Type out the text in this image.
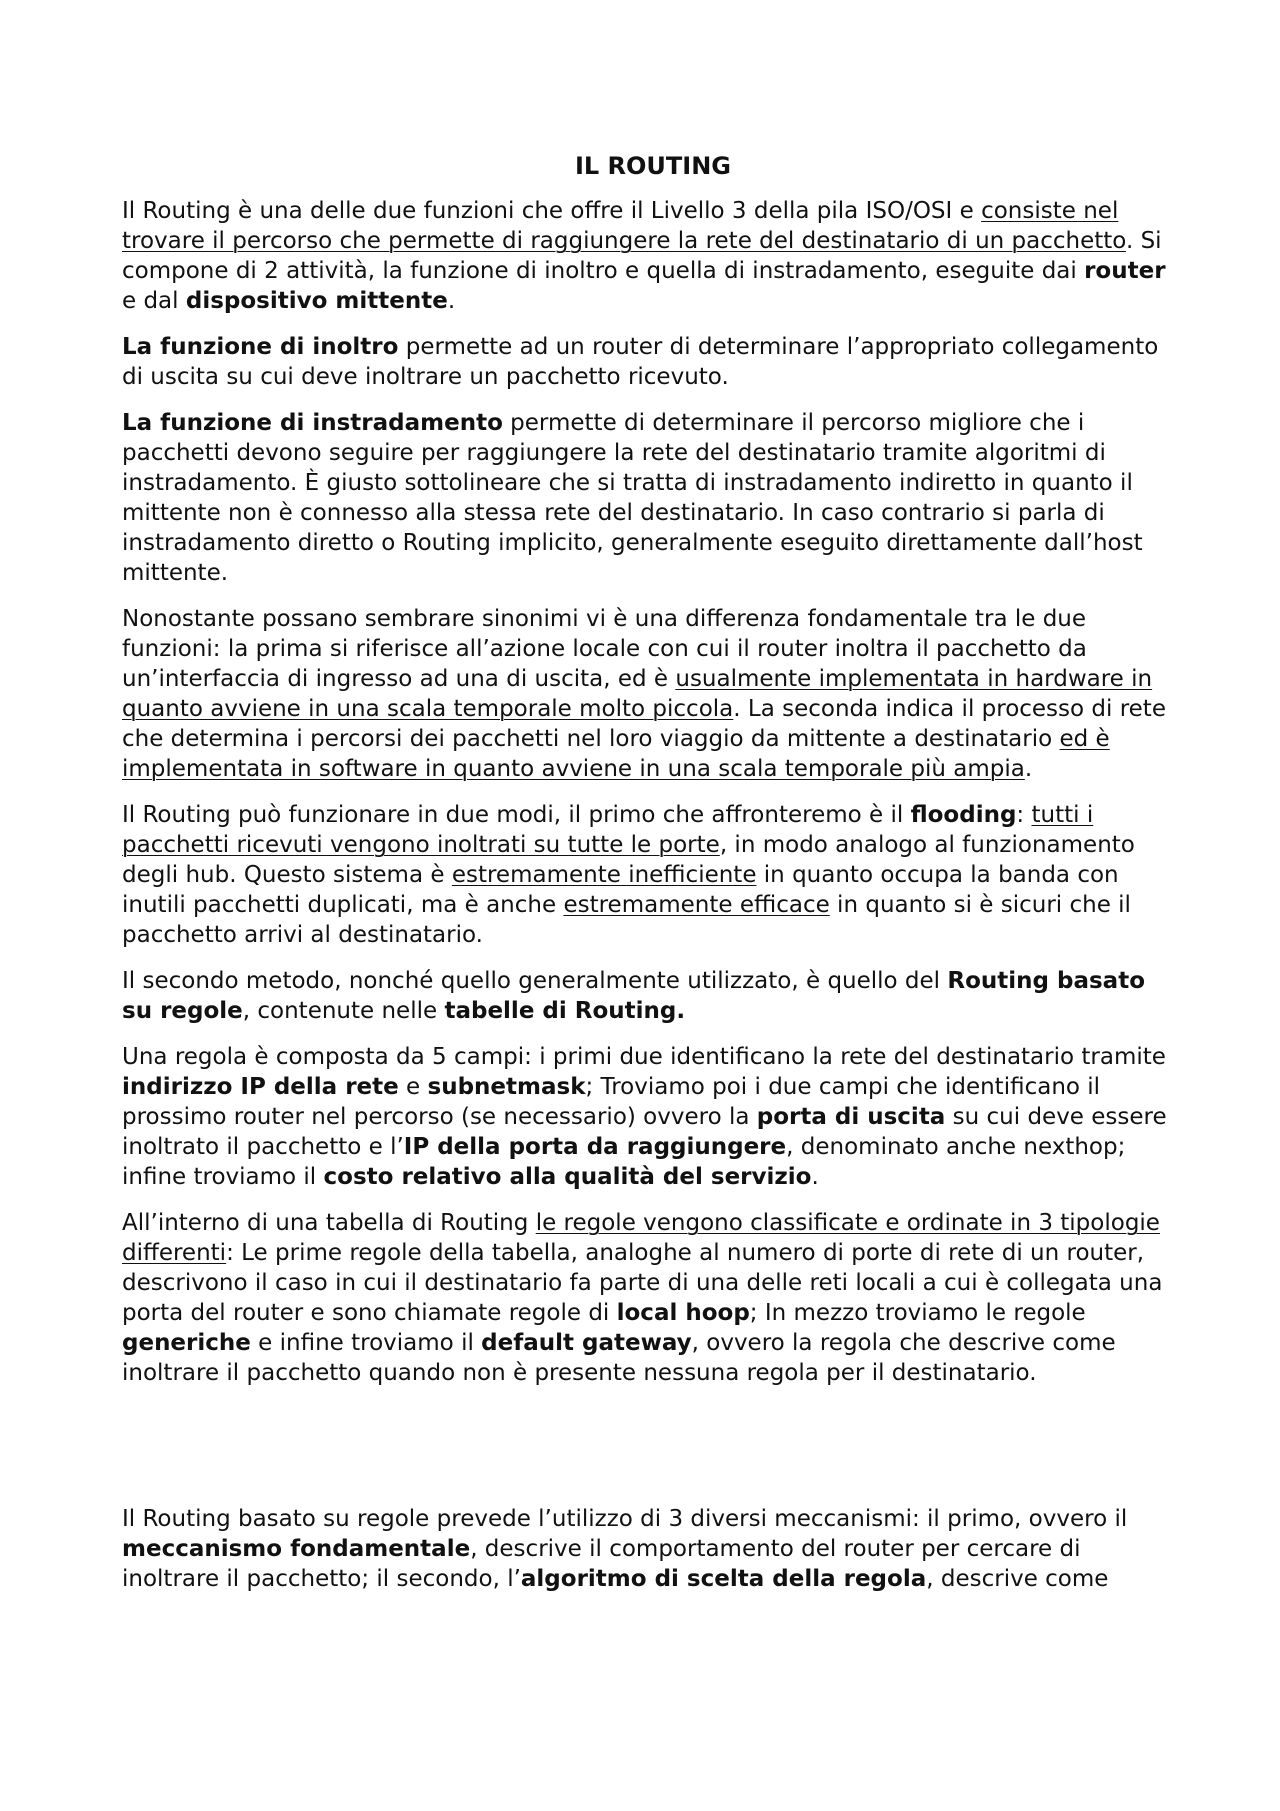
IL ROUTING

Il Routing è una delle due funzioni che offre il Livello 3 della pila ISO/OSI e consiste nel trovare il percorso che permette di raggiungere la rete del destinatario di un pacchetto. Si compone di 2 attività, la funzione di inoltro e quella di instradamento, eseguite dai router e dal dispositivo mittente.

La funzione di inoltro permette ad un router di determinare l’appropriato collegamento di uscita su cui deve inoltrare un pacchetto ricevuto.

La funzione di instradamento permette di determinare il percorso migliore che i pacchetti devono seguire per raggiungere la rete del destinatario tramite algoritmi di instradamento. È giusto sottolineare che si tratta di instradamento indiretto in quanto il mittente non è connesso alla stessa rete del destinatario. In caso contrario si parla di instradamento diretto o Routing implicito, generalmente eseguito direttamente dall’host mittente.

Nonostante possano sembrare sinonimi vi è una differenza fondamentale tra le due funzioni: la prima si riferisce all’azione locale con cui il router inoltra il pacchetto da un’interfaccia di ingresso ad una di uscita, ed è usualmente implementata in hardware in quanto avviene in una scala temporale molto piccola. La seconda indica il processo di rete che determina i percorsi dei pacchetti nel loro viaggio da mittente a destinatario ed è implementata in software in quanto avviene in una scala temporale più ampia.

Il Routing può funzionare in due modi, il primo che affronteremo è il flooding: tutti i pacchetti ricevuti vengono inoltrati su tutte le porte, in modo analogo al funzionamento degli hub. Questo sistema è estremamente inefficiente in quanto occupa la banda con inutili pacchetti duplicati, ma è anche estremamente efficace in quanto si è sicuri che il pacchetto arrivi al destinatario.

Il secondo metodo, nonché quello generalmente utilizzato, è quello del Routing basato su regole, contenute nelle tabelle di Routing.

Una regola è composta da 5 campi: i primi due identificano la rete del destinatario tramite indirizzo IP della rete e subnetmask; Troviamo poi i due campi che identificano il prossimo router nel percorso (se necessario) ovvero la porta di uscita su cui deve essere inoltrato il pacchetto e l’IP della porta da raggiungere, denominato anche nexthop; infine troviamo il costo relativo alla qualità del servizio.

All’interno di una tabella di Routing le regole vengono classificate e ordinate in 3 tipologie differenti: Le prime regole della tabella, analoghe al numero di porte di rete di un router, descrivono il caso in cui il destinatario fa parte di una delle reti locali a cui è collegata una porta del router e sono chiamate regole di local hoop; In mezzo troviamo le regole generiche e infine troviamo il default gateway, ovvero la regola che descrive come inoltrare il pacchetto quando non è presente nessuna regola per il destinatario.

Il Routing basato su regole prevede l’utilizzo di 3 diversi meccanismi: il primo, ovvero il meccanismo fondamentale, descrive il comportamento del router per cercare di inoltrare il pacchetto; il secondo, l’algoritmo di scelta della regola, descrive come
